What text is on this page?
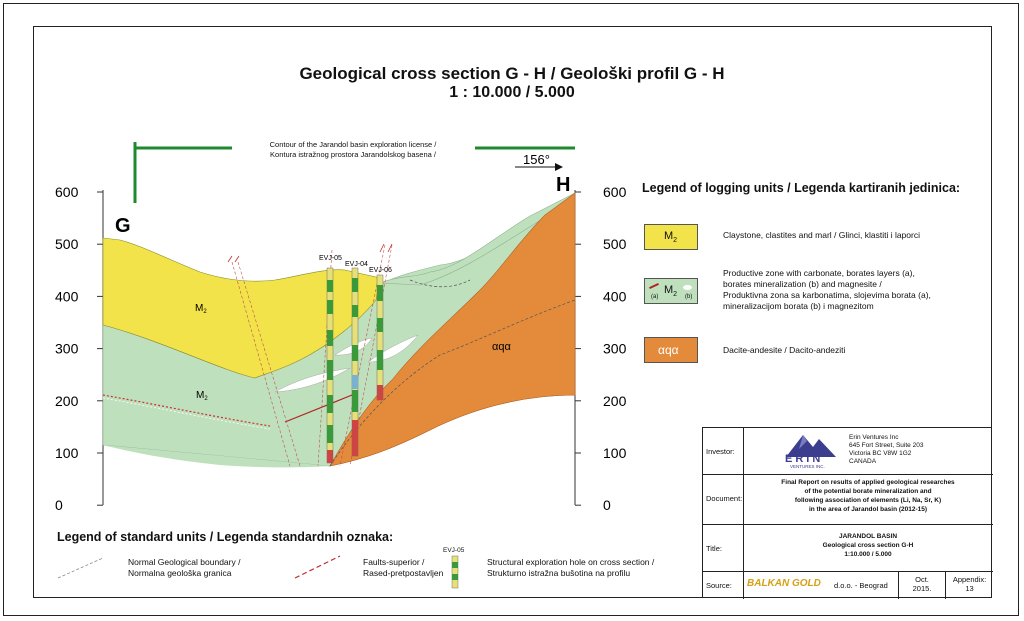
Geological cross section G - H / Geološki profil G - H
1 : 10.000 / 5.000
Contour of the Jarandol basin exploration license /
Kontura istražnog prostora Jarandolskog basena /
600
500
400
300
200
100
0
600
500
400
300
200
100
0
156°
G
H
EVJ-05
EVJ-04
EVJ-06
$M_2$
$M_2$
αqα
Legend of logging units / Legenda kartiranih jedinica:
$M_2$
Claystone, clastites and marl / Glinci, klastiti i laporci
$M_2$
(a)	(b)
Productive zone with carbonate, borates layers (a),
borates mineralization (b) and magnesite /
Produktivna zona sa karbonatima, slojevima borata (a),
mineralizacijom borata (b) i magnezitom
αqα	Dacite-andesite / Dacito-andeziti
Legend of standard units / Legenda standardnih oznaka:
Normal Geological boundary /
Normalna geološka granica
Faults-superior /
Rased-pretpostavljen
EVJ-05
Structural exploration hole on cross section /
Strukturno istražna bušotina na profilu
Investor:
ERIN
VENTURES INC.
Erin Ventures Inc
645 Fort Street, Suite 203
Victoria BC V8W 1G2
CANADA
Document:
Final Report on results of applied geological researches
of the potential borate mineralization and
following association of elements (Li, Na, Sr, K)
in the area of Jarandol basin (2012-15)
Title:
JARANDOL BASIN
Geological cross section G-H
1:10.000 / 5.000
Source: BALKAN GOLD d.o.o. - Beograd
Oct.
2015.
Appendix:
13
